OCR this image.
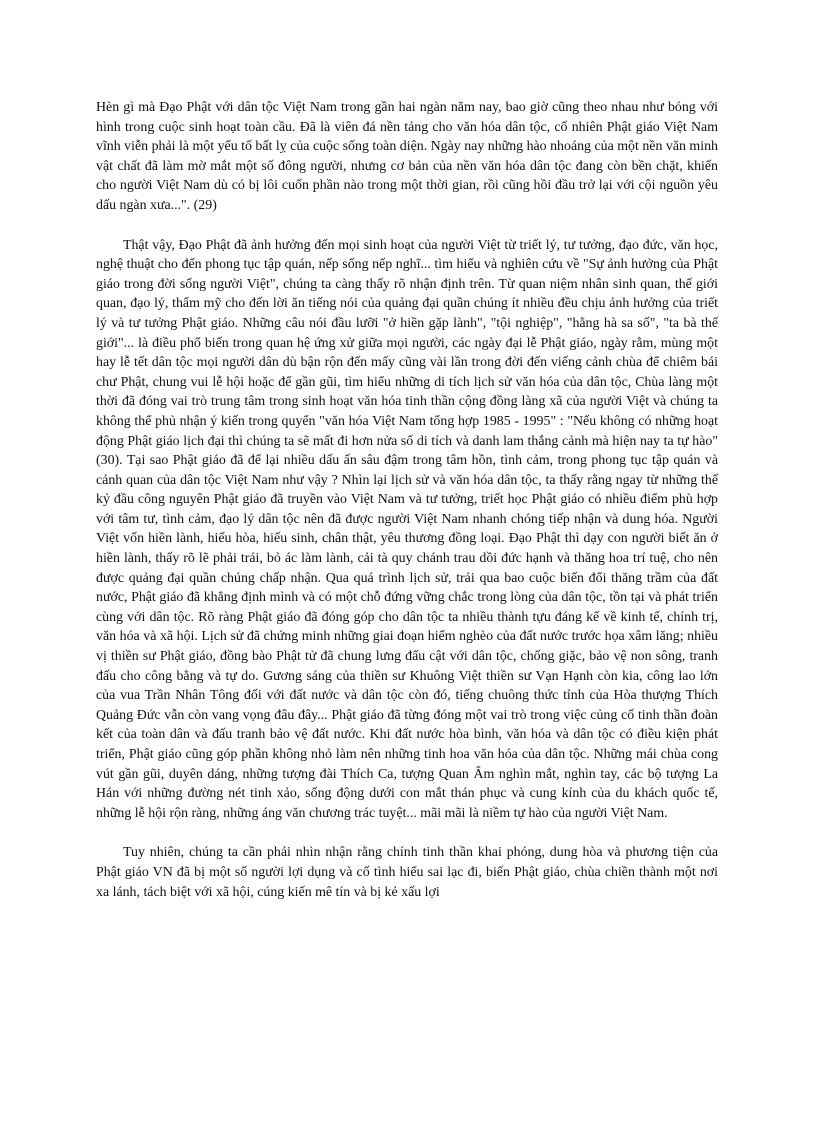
Hèn gì mà Đạo Phật với dân tộc Việt Nam trong gần hai ngàn năm nay, bao giờ cũng theo nhau như bóng với hình trong cuộc sinh hoạt toàn cầu. Đã là viên đá nền tảng cho văn hóa dân tộc, cố nhiên Phật giáo Việt Nam vĩnh viễn phải là một yếu tố bất lỵ của cuộc sống toàn diện. Ngày nay những hào nhoáng của một nền văn minh vật chất đã làm mờ mắt một số đông người, nhưng cơ bản của nền văn hóa dân tộc đang còn bền chặt, khiến cho người Việt Nam dù có bị lôi cuốn phần nào trong một thời gian, rồi cũng hồi đầu trở lại với cội nguồn yêu dấu ngàn xưa...". (29)

Thật vậy, Đạo Phật đã ảnh hưởng đến mọi sinh hoạt của người Việt từ triết lý, tư tưởng, đạo đức, văn học, nghệ thuật cho đến phong tục tập quán, nếp sống nếp nghĩ... tìm hiểu và nghiên cứu về "Sự ảnh hưởng của Phật giáo trong đời sống người Việt", chúng ta càng thấy rõ nhận định trên. Từ quan niệm nhân sinh quan, thế giới quan, đạo lý, thẩm mỹ cho đến lời ăn tiếng nói của quảng đại quần chúng ít nhiều đều chịu ảnh hưởng của triết lý và tư tưởng Phật giáo. Những câu nói đầu lưỡi "ở hiền gặp lành", "tội nghiệp", "hằng hà sa số", "ta bà thế giới"... là điều phổ biến trong quan hệ ứng xử giữa mọi người, các ngày đại lễ Phật giáo, ngày rằm, mùng một hay lễ tết dân tộc mọi người dân dù bận rộn đến mấy cũng vài lần trong đời đến viếng cảnh chùa để chiêm bái chư Phật, chung vui lễ hội hoặc để gần gũi, tìm hiểu những di tích lịch sử văn hóa của dân tộc, Chùa làng một thời đã đóng vai trò trung tâm trong sinh hoạt văn hóa tinh thần cộng đồng làng xã của người Việt và chúng ta không thể phủ nhận ý kiến trong quyển "văn hóa Việt Nam tổng hợp 1985 - 1995" : "Nếu không có những hoạt động Phật giáo lịch đại thì chúng ta sẽ mất đi hơn nửa số di tích và danh lam thắng cảnh mà hiện nay ta tự hào" (30). Tại sao Phật giáo đã để lại nhiều dấu ấn sâu đậm trong tâm hồn, tình cảm, trong phong tục tập quán và cảnh quan của dân tộc Việt Nam như vậy ? Nhìn lại lịch sử và văn hóa dân tộc, ta thấy rằng ngay từ những thế kỷ đầu công nguyên Phật giáo đã truyền vào Việt Nam và tư tưởng, triết học Phật giáo có nhiều điểm phù hợp với tâm tư, tình cảm, đạo lý dân tộc nên đã được người Việt Nam nhanh chóng tiếp nhận và dung hóa. Người Việt vốn hiền lành, hiếu hòa, hiếu sinh, chân thật, yêu thương đồng loại. Đạo Phật thì dạy con người biết ăn ở hiền lành, thấy rõ lẽ phải trái, bỏ ác làm lành, cải tà quy chánh trau dồi đức hạnh và thăng hoa trí tuệ, cho nên được quảng đại quần chúng chấp nhận. Qua quá trình lịch sử, trải qua bao cuộc biến đổi thăng trầm của đất nước, Phật giáo đã khẳng định mình và có một chỗ đứng vững chắc trong lòng của dân tộc, tồn tại và phát triển cùng với dân tộc. Rõ ràng Phật giáo đã đóng góp cho dân tộc ta nhiều thành tựu đáng kể về kinh tế, chính trị, văn hóa và xã hội. Lịch sử đã chứng minh những giai đoạn hiểm nghèo của đất nước trước họa xâm lăng; nhiều vị thiền sư Phật giáo, đồng bào Phật tử đã chung lưng đấu cật với dân tộc, chống giặc, bảo vệ non sông, tranh đấu cho công bằng và tự do. Gương sáng của thiền sư Khuông Việt thiền sư Vạn Hạnh còn kia, công lao lớn của vua Trần Nhân Tông đối với đất nước và dân tộc còn đó, tiếng chuông thức tỉnh của Hòa thượng Thích Quảng Đức vẫn còn vang vọng đâu đây... Phật giáo đã từng đóng một vai trò trong việc củng cố tinh thần đoàn kết của toàn dân và đấu tranh bảo vệ đất nước. Khi đất nước hòa bình, văn hóa và dân tộc có điều kiện phát triển, Phật giáo cũng góp phần không nhỏ làm nên những tinh hoa văn hóa của dân tộc. Những mái chùa cong vút gần gũi, duyên dáng, những tượng đài Thích Ca, tượng Quan Âm nghìn mắt, nghìn tay, các bộ tượng La Hán với những đường nét tinh xảo, sống động dưới con mắt thán phục và cung kính của du khách quốc tế, những lễ hội rộn ràng, những áng văn chương trác tuyệt... mãi mãi là niềm tự hào của người Việt Nam.

Tuy nhiên, chúng ta cần phải nhìn nhận rằng chính tinh thần khai phóng, dung hòa và phương tiện của Phật giáo VN đã bị một số người lợi dụng và cố tình hiểu sai lạc đi, biến Phật giáo, chùa chiền thành một nơi xa lánh, tách biệt với xã hội, cúng kiến mê tín và bị kẻ xấu lợi
